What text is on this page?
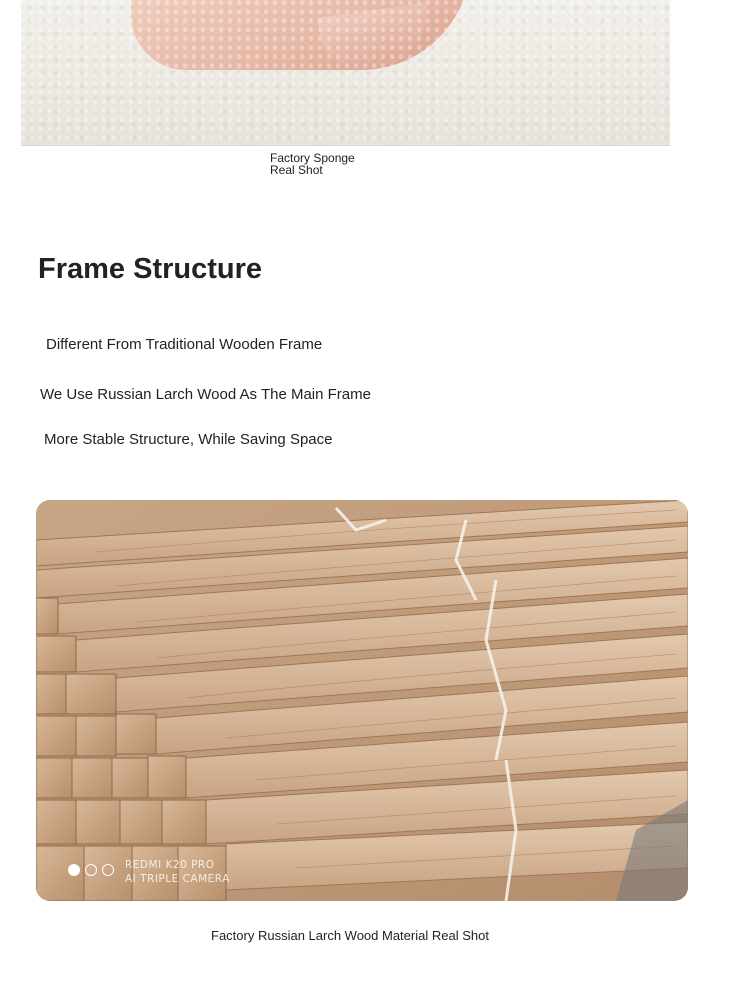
Factory Sponge
Real Shot
Frame Structure
Different From Traditional Wooden Frame
We Use Russian Larch Wood As The Main Frame
More Stable Structure, While Saving Space
REDMI K20 PRO
AI TRIPLE CAMERA
Factory Russian Larch Wood Material Real Shot
